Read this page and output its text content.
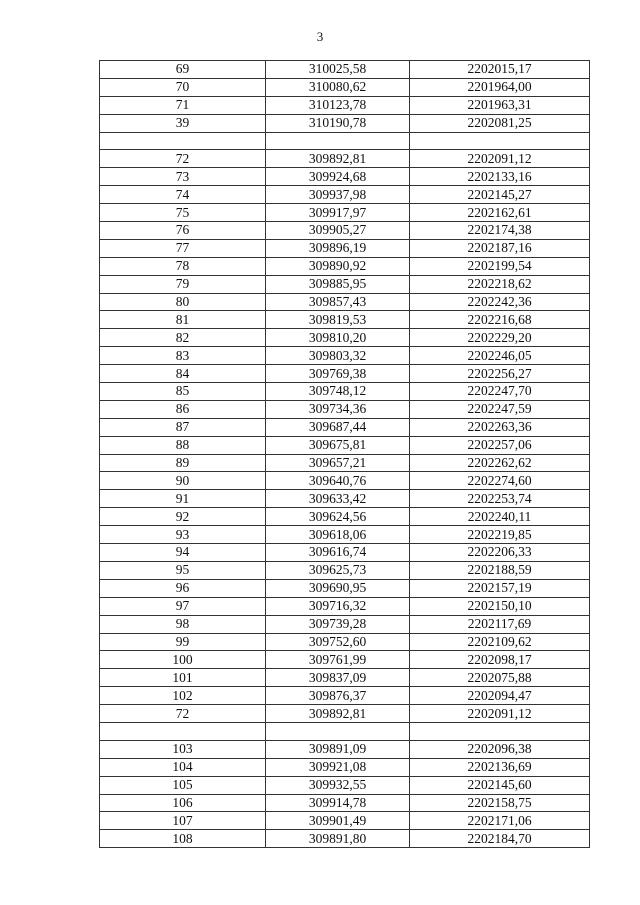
3
69	310025,58	2202015,17
70	310080,62	2201964,00
71	310123,78	2201963,31
39	310190,78	2202081,25

72	309892,81	2202091,12
73	309924,68	2202133,16
74	309937,98	2202145,27
75	309917,97	2202162,61
76	309905,27	2202174,38
77	309896,19	2202187,16
78	309890,92	2202199,54
79	309885,95	2202218,62
80	309857,43	2202242,36
81	309819,53	2202216,68
82	309810,20	2202229,20
83	309803,32	2202246,05
84	309769,38	2202256,27
85	309748,12	2202247,70
86	309734,36	2202247,59
87	309687,44	2202263,36
88	309675,81	2202257,06
89	309657,21	2202262,62
90	309640,76	2202274,60
91	309633,42	2202253,74
92	309624,56	2202240,11
93	309618,06	2202219,85
94	309616,74	2202206,33
95	309625,73	2202188,59
96	309690,95	2202157,19
97	309716,32	2202150,10
98	309739,28	2202117,69
99	309752,60	2202109,62
100	309761,99	2202098,17
101	309837,09	2202075,88
102	309876,37	2202094,47
72	309892,81	2202091,12

103	309891,09	2202096,38
104	309921,08	2202136,69
105	309932,55	2202145,60
106	309914,78	2202158,75
107	309901,49	2202171,06
108	309891,80	2202184,70
